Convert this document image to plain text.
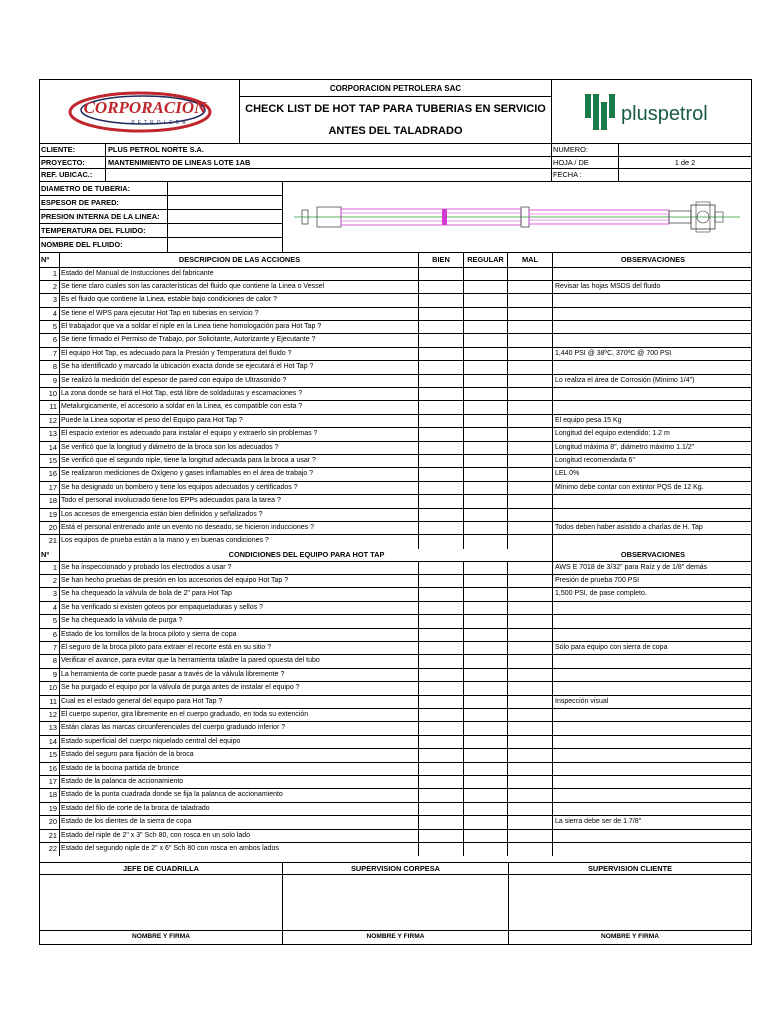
CORPORACION
PETROLERA
CORPORACION PETROLERA SAC
CHECK LIST DE HOT TAP PARA TUBERIAS EN SERVICIO
ANTES DEL TALADRADO
pluspetrol
CLIENTE:	PLUS PETROL NORTE S.A.	NUMERO:
PROYECTO:	MANTENIMIENTO DE LINEAS LOTE 1AB	HOJA / DE	1 de 2
REF. UBICAC.:	FECHA :
DIAMETRO DE TUBERIA:
ESPESOR DE PARED:
PRESION INTERNA DE LA LINEA:
TEMPERATURA DEL FLUIDO:
NOMBRE DEL FLUIDO:
Nº	DESCRIPCION DE LAS ACCIONES	BIEN	REGULAR	MAL	OBSERVACIONES
1 Estado del Manual de Instucciones del fabricante
2 Se tiene claro cuales son las características del fluido que contiene la Linea o Vessel	Revisar las hojas MSDS del fluido
3 Es el fluido que contiene la Linea, estable bajo condiciones de calor ?
4 Se tiene el WPS para ejecutar Hot Tap en tuberias en servicio ?
5 El trabajador que va a soldar el niple en la Linea tiene homologación para Hot Tap ?
6 Se tiene firmado el Permiso de Trabajo, por Solicitante, Autorizante y Ejecutante ?
7 El equipo Hot Tap, es adecuado para la Presión y Temperatura del fluido ?	1,440 PSI @ 38ºC, 370ºC @ 700 PSI
8 Se ha identificado y marcado la ubicación exacta donde se ejecutará el Hot Tap ?
9 Se realizó la medición del espesor de pared con equipo de Ultrasonido ?	Lo realiza el área de Corrosión (Mínimo 1/4")
10 La zona donde se hará el Hot Tap, está libre de soldaduras y escamaciones ?
11 Metalurgicamente, el accesorio a soldar en la Linea, es compatible con esta ?
12 Puede la Linea soportar el peso del Equipo para Hot Tap ?	El equipo pesa 15 Kg
13 El espacio exterior es adecuado para instalar el equipo y extraerlo sin problemas ?	Longitud del equipo extendido: 1.2 m
14 Se verificó que la longitud y diámetro de la broca son los adecuados ?	Longitud máxima 8", diámetro máximo 1.1/2"
15 Se verificó que el segundo niple, tiene la longitud adecuada para la broca a usar ?	Longitud recomendada 6"
16 Se realizaron mediciones de Oxígeno y gases inflamables en el área de trabajo ?	LEL 0%
17 Se ha designado un bombero y tiene los equipos adecuados y certificados ?	Mínimo debe contar con extintor PQS de 12 Kg.
18 Todo el personal involucrado tiene los EPPs adecuados para la tarea ?
19 Los accesos de emergencia están bien definidos y señalizados ?
20 Está el personal entrenado ante un evento no deseado, se hicieron inducciones ?	Todos deben haber asistido a charlas de H. Tap
21 Los equipos de prueba están a la mano y en buenas condiciones ?
Nº	CONDICIONES DEL EQUIPO PARA HOT TAP	OBSERVACIONES
1 Se ha inspeccionado y probado los electrodos a usar ?	AWS E 7018 de 3/32" para Raíz y de 1/8" demás
2 Se han hecho pruebas de presión en los accesorios del equipo Hot Tap ?	Presión de prueba 700 PSI
3 Se ha chequeado la válvula de bola de 2" para Hot Tap	1,500 PSI, de pase completo.
4 Se ha verificado si existen goteos por empaquetaduras y sellos ?
5 Se ha chequeado la válvula de purga ?
6 Estado de los tornillos de la broca piloto y sierra de copa
7 El seguro de la broca piloto para extraer el recorte está en su sitio ?	Sólo para equipo con sierra de copa
8 Verificar el avance, para evitar que la herramienta taladre la pared opuesta del tubo
9 La herramienta de corte puede pasar a través de la válvula libremente ?
10 Se ha purgado el equipo por la válvula de purga antes de instalar el equipo ?
11 Cual es el estado general del equipo para Hot Tap ?	Inspección visual
12 El cuerpo superior, gira libremente en el cuerpo graduado, en toda su extención
13 Están claras las marcas circunferenciales del cuerpo graduado inferior ?
14 Estado superficial del cuerpo niquelado central del equipo
15 Estado del seguro para fijación de la broca
16 Estado de la bocina partida de bronce
17 Estado de la palanca de accionamiento
18 Estado de la punta cuadrada donde se fija la palanca de accionamiento
19 Estado del filo de corte de la broca de taladrado
20 Estado de los dientes de la sierra de copa	La sierra debe ser de 1.7/8"
21 Estado del niple de 2" x 3" Sch 80, con rosca en un solo lado
22 Estado del segundo niple de 2" x 6" Sch 80 con rosca en ambos lados
JEFE DE CUADRILLA	SUPERVISION CORPESA	SUPERVISION CLIENTE
NOMBRE Y FIRMA	NOMBRE Y FIRMA	NOMBRE Y FIRMA
